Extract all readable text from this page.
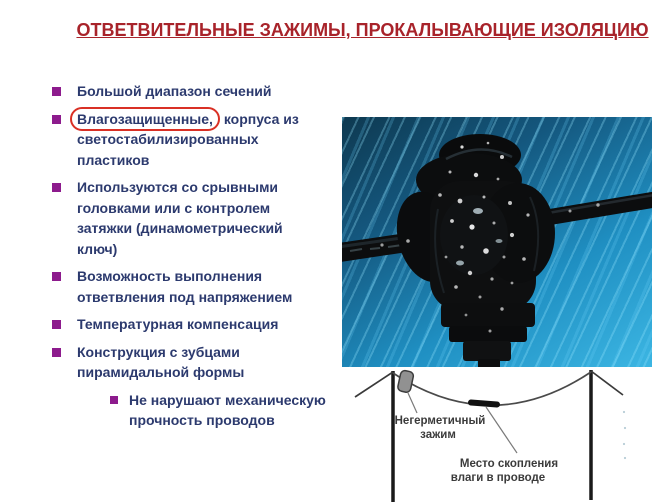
ОТВЕТВИТЕЛЬНЫЕ ЗАЖИМЫ, ПРОКАЛЫВАЮЩИЕ ИЗОЛЯЦИЮ
Большой диапазон сечений
Влагозащищенные, корпуса из светостабилизированных пластиков
Используются со срывными головками или с контролем затяжки (динамометрический ключ)
Возможность выполнения ответвления под напряжением
Температурная компенсация
Конструкция с зубцами пирамидальной формы
Не нарушают механическую прочность проводов	Негерметичный
зажим
Место скопления
влаги в проводе
